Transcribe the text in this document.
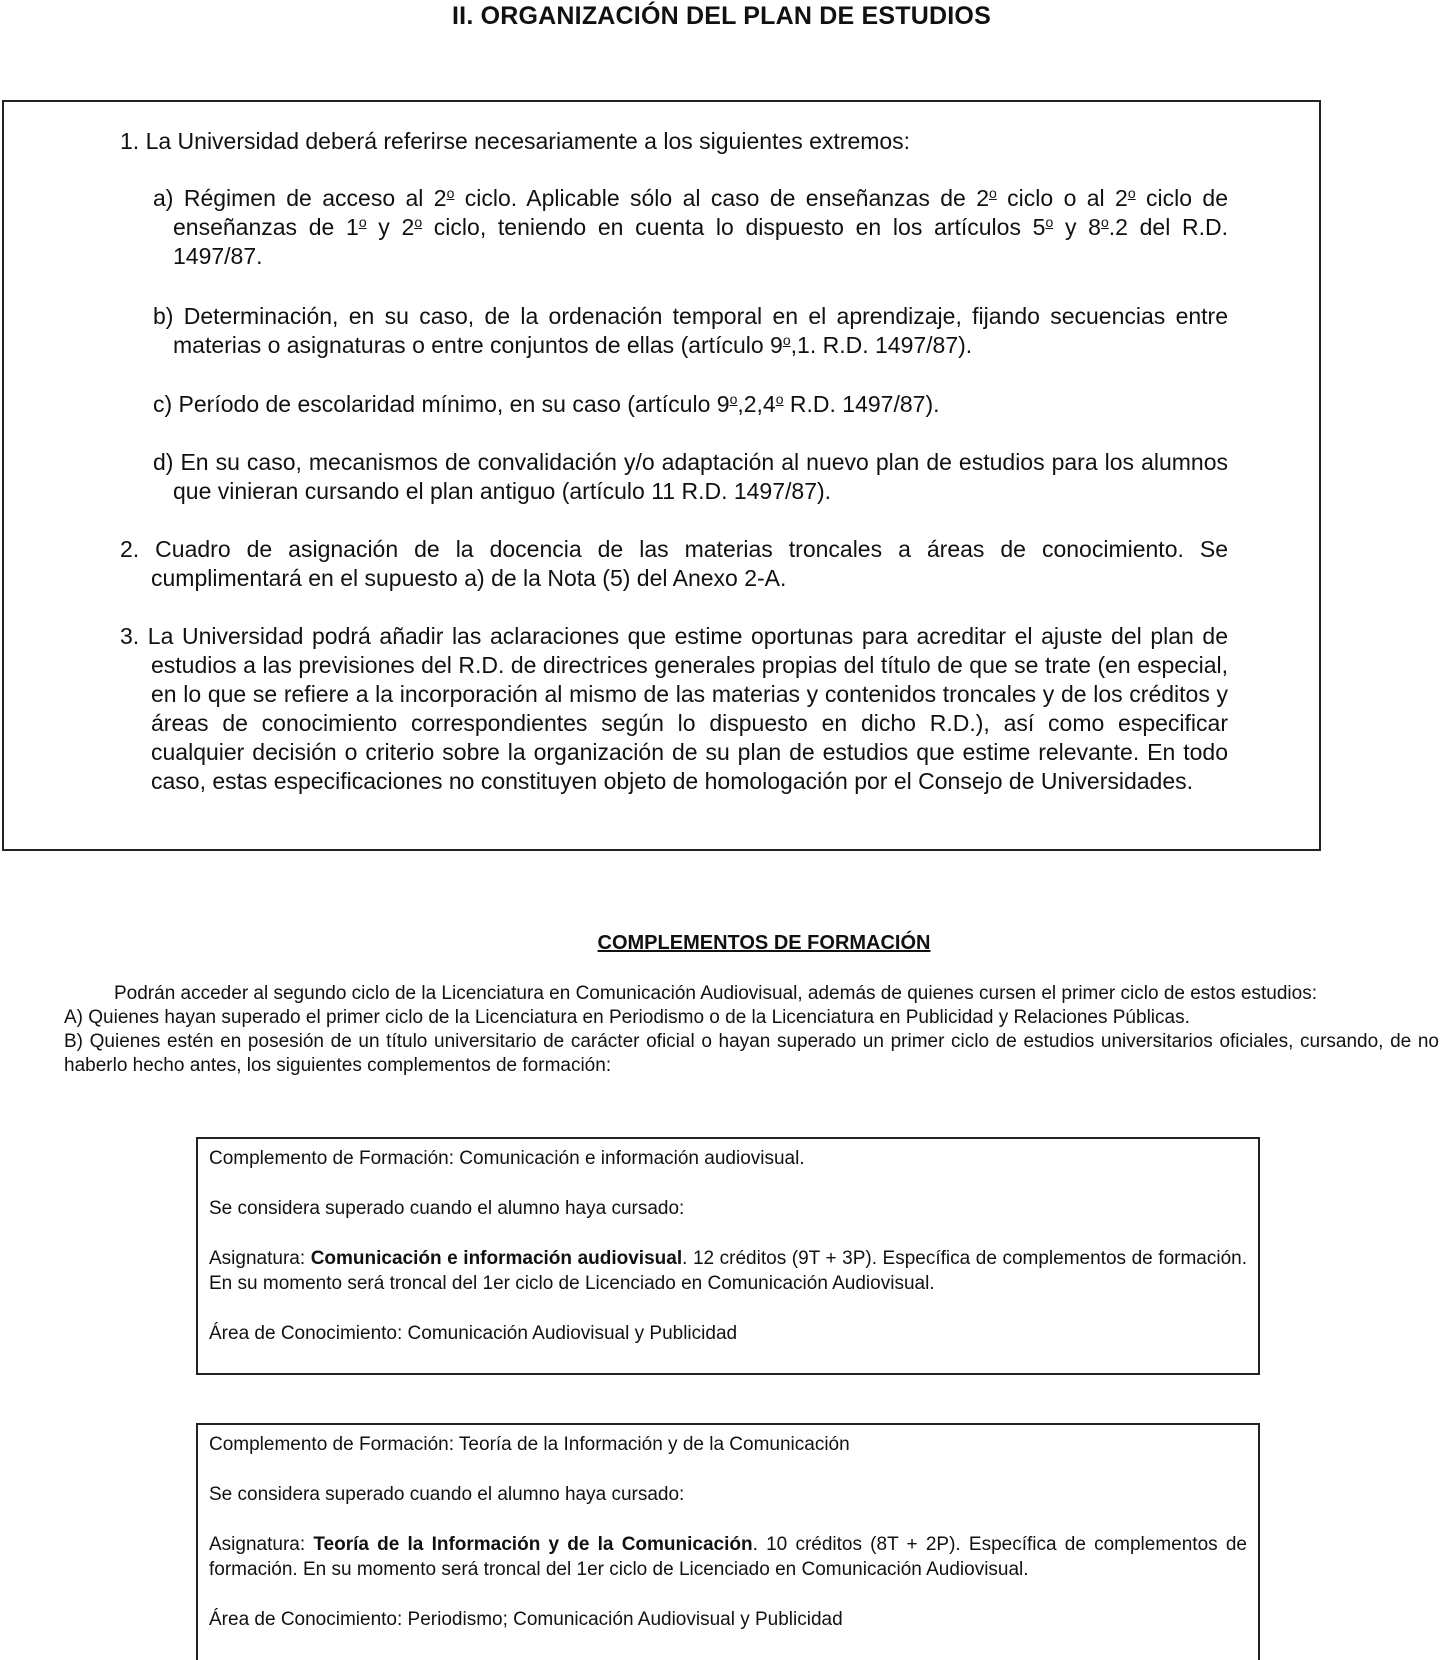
II. ORGANIZACIÓN DEL PLAN DE ESTUDIOS

1. La Universidad deberá referirse necesariamente a los siguientes extremos:

a) Régimen de acceso al 2$^o$ ciclo. Aplicable sólo al caso de enseñanzas de 2$^o$ ciclo o al 2$^o$ ciclo de enseñanzas de 1$^o$ y 2$^o$ ciclo, teniendo en cuenta lo dispuesto en los artículos 5$^o$ y 8$^o$.2 del R.D. 1497/87.

b) Determinación, en su caso, de la ordenación temporal en el aprendizaje, fijando secuencias entre materias o asignaturas o entre conjuntos de ellas (artículo 9$^o$,1. R.D. 1497/87).

c) Período de escolaridad mínimo, en su caso (artículo 9$^o$,2,4$^o$ R.D. 1497/87).

d) En su caso, mecanismos de convalidación y/o adaptación al nuevo plan de estudios para los alumnos que vinieran cursando el plan antiguo (artículo 11 R.D. 1497/87).

2. Cuadro de asignación de la docencia de las materias troncales a áreas de conocimiento. Se cumplimentará en el supuesto a) de la Nota (5) del Anexo 2-A.

3. La Universidad podrá añadir las aclaraciones que estime oportunas para acreditar el ajuste del plan de estudios a las previsiones del R.D. de directrices generales propias del título de que se trate (en especial, en lo que se refiere a la incorporación al mismo de las materias y contenidos troncales y de los créditos y áreas de conocimiento correspondientes según lo dispuesto en dicho R.D.), así como especificar cualquier decisión o criterio sobre la organización de su plan de estudios que estime relevante. En todo caso, estas especificaciones no constituyen objeto de homologación por el Consejo de Universidades.

COMPLEMENTOS DE FORMACIÓN

Podrán acceder al segundo ciclo de la Licenciatura en Comunicación Audiovisual, además de quienes cursen el primer ciclo de estos estudios:

A) Quienes hayan superado el primer ciclo de la Licenciatura en Periodismo o de la Licenciatura en Publicidad y Relaciones Públicas.

B) Quienes estén en posesión de un título universitario de carácter oficial o hayan superado un primer ciclo de estudios universitarios oficiales, cursando, de no haberlo hecho antes, los siguientes complementos de formación:

Complemento de Formación: Comunicación e información audiovisual.

Se considera superado cuando el alumno haya cursado:

Asignatura: Comunicación e información audiovisual. 12 créditos (9T + 3P). Específica de complementos de formación. En su momento será troncal del 1er ciclo de Licenciado en Comunicación Audiovisual.

Área de Conocimiento: Comunicación Audiovisual y Publicidad

Complemento de Formación: Teoría de la Información y de la Comunicación

Se considera superado cuando el alumno haya cursado:

Asignatura: Teoría de la Información y de la Comunicación. 10 créditos (8T + 2P). Específica de complementos de formación. En su momento será troncal del 1er ciclo de Licenciado en Comunicación Audiovisual.

Área de Conocimiento: Periodismo; Comunicación Audiovisual y Publicidad
